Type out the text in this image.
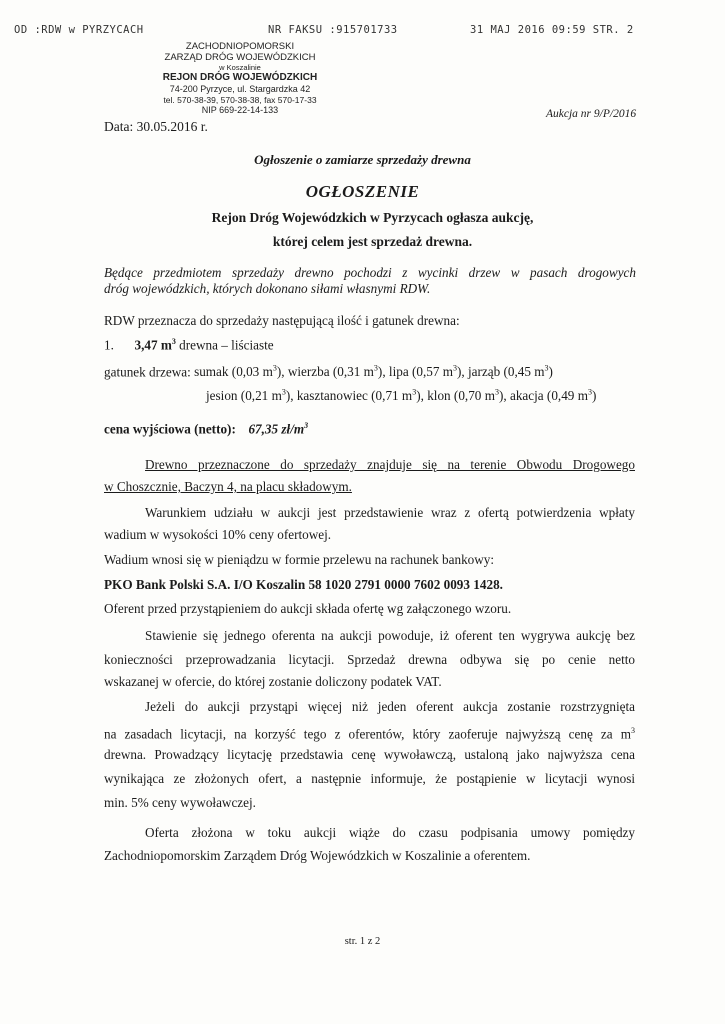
OD :RDW w PYRZYCACH	NR FAKSU :915701733	31 MAJ 2016 09:59 STR. 2
ZACHODNIOPOMORSKI
ZARZĄD DRÓG WOJEWÓDZKICH
w Koszalinie
REJON DRÓG WOJEWÓDZKICH
74-200 Pyrzyce, ul. Stargardzka 42
tel. 570-38-39, 570-38-38, fax 570-17-33
NIP 669-22-14-133
Data: 30.05.2016 r.
Aukcja nr 9/P/2016
Ogłoszenie o zamiarze sprzedaży drewna
OGŁOSZENIE
Rejon Dróg Wojewódzkich w Pyrzycach ogłasza aukcję,
której celem jest sprzedaż drewna.
Będące przedmiotem sprzedaży drewno pochodzi z wycinki drzew w pasach drogowych
dróg wojewódzkich, których dokonano siłami własnymi RDW.
RDW przeznacza do sprzedaży następującą ilość i gatunek drewna:
1. 3,47 $m^3$ drewna – liściaste
gatunek drzewa: sumak (0,03 $m^3$), wierzba (0,31 $m^3$), lipa (0,57 $m^3$), jarząb (0,45 $m^3$)
jesion (0,21 $m^3$), kasztanowiec (0,71 $m^3$), klon (0,70 $m^3$), akacja (0,49 $m^3$)
cena wyjściowa (netto): 67,35 $zł/m^3$
Drewno przeznaczone do sprzedaży znajduje się na terenie Obwodu Drogowego
w Choszcznie, Baczyn 4, na placu składowym.
Warunkiem udziału w aukcji jest przedstawienie wraz z ofertą potwierdzenia wpłaty
wadium w wysokości 10% ceny ofertowej.
Wadium wnosi się w pieniądzu w formie przelewu na rachunek bankowy:
PKO Bank Polski S.A. I/O Koszalin 58 1020 2791 0000 7602 0093 1428.
Oferent przed przystąpieniem do aukcji składa ofertę wg załączonego wzoru.
Stawienie się jednego oferenta na aukcji powoduje, iż oferent ten wygrywa aukcję bez
konieczności przeprowadzania licytacji. Sprzedaż drewna odbywa się po cenie netto
wskazanej w ofercie, do której zostanie doliczony podatek VAT.
Jeżeli do aukcji przystąpi więcej niż jeden oferent aukcja zostanie rozstrzygnięta
na zasadach licytacji, na korzyść tego z oferentów, który zaoferuje najwyższą cenę za $m^3$
drewna. Prowadzący licytację przedstawia cenę wywoławczą, ustaloną jako najwyższa cena
wynikająca ze złożonych ofert, a następnie informuje, że postąpienie w licytacji wynosi
min. 5% ceny wywoławczej.
Oferta złożona w toku aukcji wiąże do czasu podpisania umowy pomiędzy
Zachodniopomorskim Zarządem Dróg Wojewódzkich w Koszalinie a oferentem.
str. 1 z 2
